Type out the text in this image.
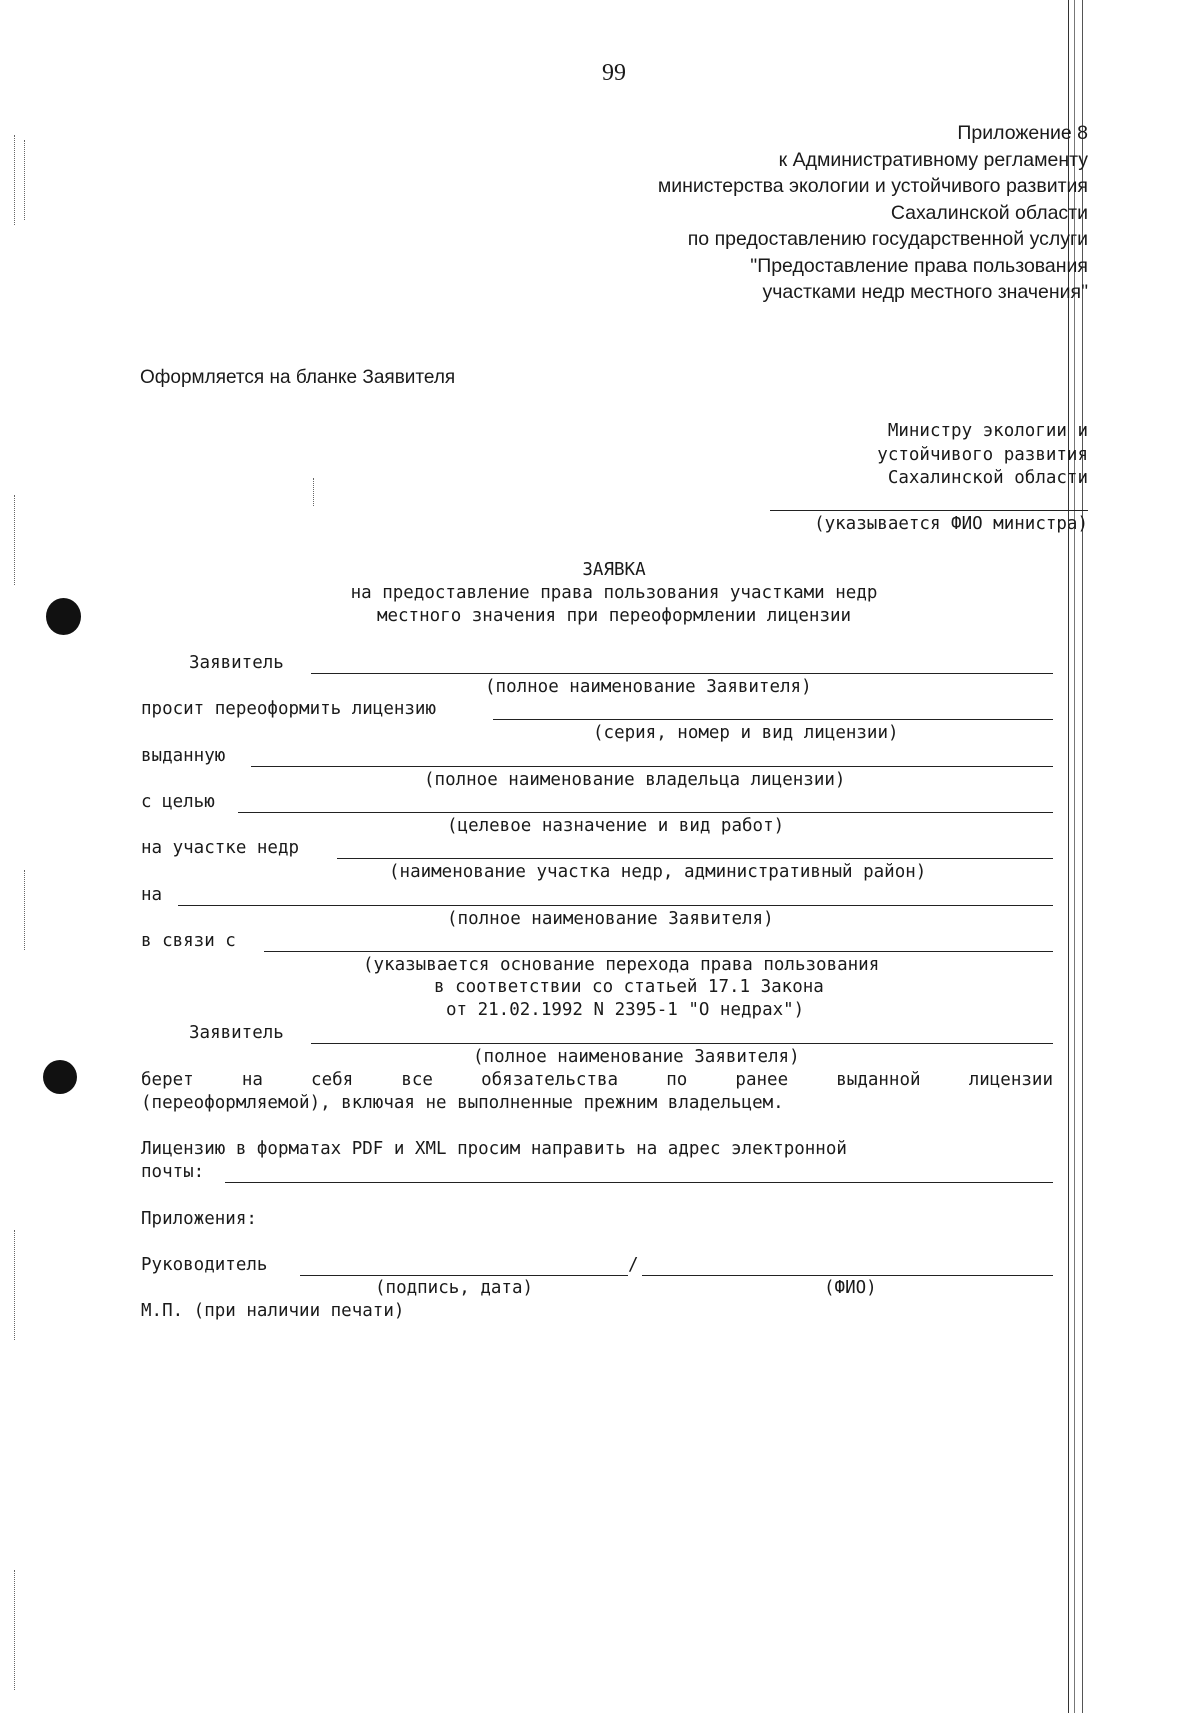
99
Приложение 8
к Административному регламенту
министерства экологии и устойчивого развития
Сахалинской области
по предоставлению государственной услуги
"Предоставление права пользования
участками недр местного значения"
Оформляется на бланке Заявителя
Министру экологии и
устойчивого развития
Сахалинской области
(указывается ФИО министра)
ЗАЯВКА
на предоставление права пользования участками недр
местного значения при переоформлении лицензии
Заявитель
(полное наименование Заявителя)
просит переоформить лицензию
(серия, номер и вид лицензии)
выданную
(полное наименование владельца лицензии)
с целью
(целевое назначение и вид работ)
на участке недр
(наименование участка недр, административный район)
на
(полное наименование Заявителя)
в связи с
(указывается основание перехода права пользования
в соответствии со статьей 17.1 Закона
от 21.02.1992 N 2395-1 "О недрах")
Заявитель
(полное наименование Заявителя)
берет	на	себя	все	обязательства	по	ранее	выданной	лицензии
(переоформляемой), включая не выполненные прежним владельцем.
Лицензию в форматах PDF и XML просим направить на адрес электронной
почты:
Приложения:
Руководитель	/
(подпись, дата)	(ФИО)
М.П. (при наличии печати)
